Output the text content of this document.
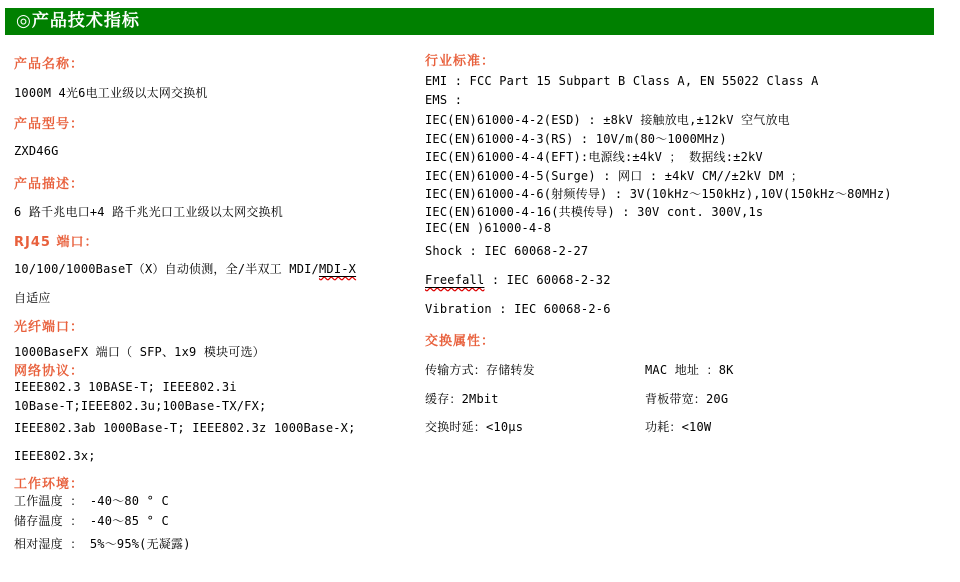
◎产品技术指标
产品名称：
1000M 4光6电工业级以太网交换机
产品型号：
ZXD46G
产品描述：
6 路千兆电口+4 路千兆光口工业级以太网交换机
RJ45 端口：
10/100/1000BaseT（X）自动侦测，全/半双工 MDI/MDI-X
自适应
光纤端口：
1000BaseFX 端口（ SFP、1x9 模块可选）
网络协议：
IEEE802.3 10BASE-T; IEEE802.3i
10Base-T;IEEE802.3u;100Base-TX/FX;
IEEE802.3ab 1000Base-T; IEEE802.3z 1000Base-X;
IEEE802.3x;
工作环境：
工作温度 ： -40～80 ° C
储存温度 ： -40～85 ° C
相对湿度 ： 5%～95%(无凝露)
行业标准：
EMI : FCC Part 15 Subpart B Class A, EN 55022 Class A
EMS :
IEC(EN)61000-4-2(ESD) : ±8kV 接触放电,±12kV 空气放电
IEC(EN)61000-4-3(RS) : 10V/m(80～1000MHz)
IEC(EN)61000-4-4(EFT):电源线:±4kV ； 数据线:±2kV
IEC(EN)61000-4-5(Surge) : 网口 : ±4kV CM//±2kV DM ；
IEC(EN)61000-4-6(射频传导) : 3V(10kHz～150kHz),10V(150kHz～80MHz)
IEC(EN)61000-4-16(共模传导) : 30V cont. 300V,1s
IEC(EN )61000-4-8
Shock : IEC 60068-2-27
Freefall : IEC 60068-2-32
Vibration : IEC 60068-2-6
交换属性：
传输方式：存储转发	MAC 地址 ：8K
缓存：2Mbit	背板带宽：20G
交换时延：<10μs	功耗：<10W
